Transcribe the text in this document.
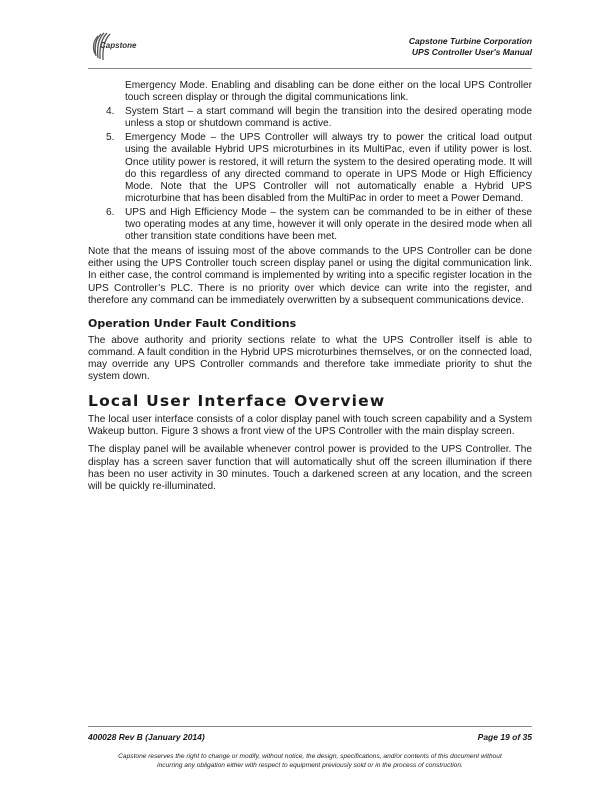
Capstone	Capstone Turbine Corporation
UPS Controller User's Manual

Emergency Mode. Enabling and disabling can be done either on the local UPS Controller touch screen display or through the digital communications link.

4.	System Start – a start command will begin the transition into the desired operating mode unless a stop or shutdown command is active.
5.	Emergency Mode – the UPS Controller will always try to power the critical load output using the available Hybrid UPS microturbines in its MultiPac, even if utility power is lost. Once utility power is restored, it will return the system to the desired operating mode. It will do this regardless of any directed command to operate in UPS Mode or High Efficiency Mode. Note that the UPS Controller will not automatically enable a Hybrid UPS microturbine that has been disabled from the MultiPac in order to meet a Power Demand.
6.	UPS and High Efficiency Mode – the system can be commanded to be in either of these two operating modes at any time, however it will only operate in the desired mode when all other transition state conditions have been met.

Note that the means of issuing most of the above commands to the UPS Controller can be done either using the UPS Controller touch screen display panel or using the digital communication link. In either case, the control command is implemented by writing into a specific register location in the UPS Controller’s PLC. There is no priority over which device can write into the register, and therefore any command can be immediately overwritten by a subsequent communications device.

Operation Under Fault Conditions

The above authority and priority sections relate to what the UPS Controller itself is able to command. A fault condition in the Hybrid UPS microturbines themselves, or on the connected load, may override any UPS Controller commands and therefore take immediate priority to shut the system down.

Local User Interface Overview

The local user interface consists of a color display panel with touch screen capability and a System Wakeup button. Figure 3 shows a front view of the UPS Controller with the main display screen.

The display panel will be available whenever control power is provided to the UPS Controller. The display has a screen saver function that will automatically shut off the screen illumination if there has been no user activity in 30 minutes. Touch a darkened screen at any location, and the screen will be quickly re-illuminated.

400028 Rev B (January 2014)	Page 19 of 35
Capstone reserves the right to change or modify, without notice, the design, specifications, and/or contents of this document without
incurring any obligation either with respect to equipment previously sold or in the process of construction.
